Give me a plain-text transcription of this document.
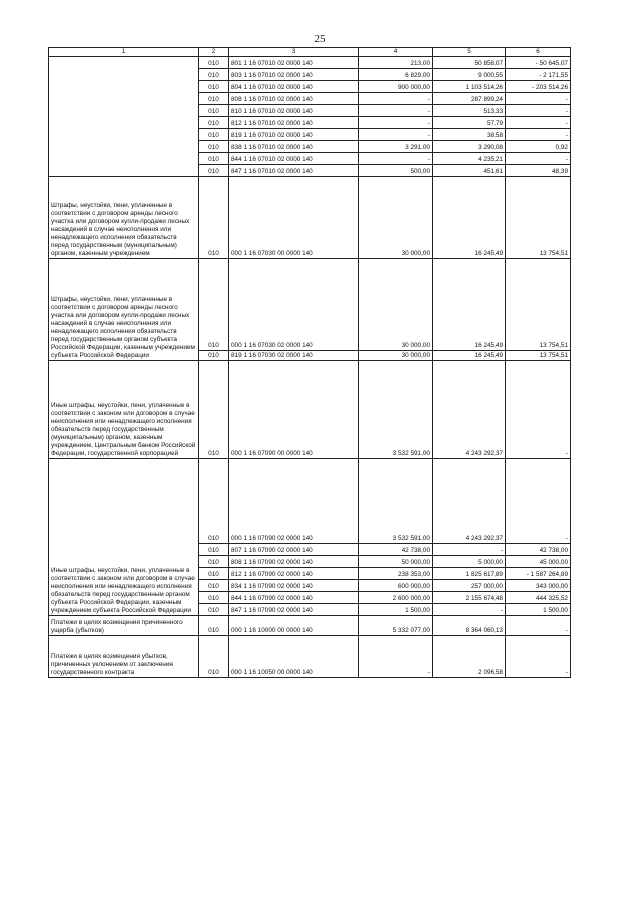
25
1	2	3	4	5	6
	010	801 1 16 07010 02 0000 140	213,00	50 858,07	- 50 645,07
	010	803 1 16 07010 02 0000 140	6 829,00	9 000,55	- 2 171,55
	010	804 1 16 07010 02 0000 140	900 000,00	1 103 514,26	- 203 514,26
	010	808 1 16 07010 02 0000 140	-	287 899,24	-
	010	810 1 16 07010 02 0000 140	-	513,33	-
	010	812 1 16 07010 02 0000 140	-	57,79	-
	010	819 1 16 07010 02 0000 140	-	38,58	-
	010	838 1 16 07010 02 0000 140	3 291,00	3 290,08	0,92
	010	844 1 16 07010 02 0000 140	-	4 235,21	-
	010	847 1 16 07010 02 0000 140	500,00	451,61	48,39
Штрафы, неустойки, пени, уплаченные в соответствии с договором аренды лесного участка или договором купли-продажи лесных насаждений в случае неисполнения или ненадлежащего исполнения обязательств перед государственным (муниципальным) органом, казенным учреждением	010	000 1 16 07030 00 0000 140	30 000,00	16 245,49	13 754,51
Штрафы, неустойки, пени, уплаченные в соответствии с договором аренды лесного участка или договором купли-продажи лесных насаждений в случае неисполнения или ненадлежащего исполнения обязательств перед государственным органом субъекта Российской Федерации, казенным учреждением субъекта Российской Федерации	010	000 1 16 07030 02 0000 140	30 000,00	16 245,49	13 754,51
	010	819 1 16 07030 02 0000 140	30 000,00	16 245,49	13 754,51
Иные штрафы, неустойки, пени, уплаченные в соответствии с законом или договором в случае неисполнения или ненадлежащего исполнения обязательств перед государственным (муниципальным) органом, казенным учреждением, Центральным банком Российской Федерации, государственной корпорацией	010	000 1 16 07090 00 0000 140	3 532 591,00	4 243 292,37	-
Иные штрафы, неустойки, пени, уплаченные в соответствии с законом или договором в случае неисполнения или ненадлежащего исполнения обязательств перед государственным органом субъекта Российской Федерации, казенным учреждением субъекта Российской Федерации	010	000 1 16 07090 02 0000 140	3 532 591,00	4 243 292,37	-
	010	807 1 16 07090 02 0000 140	42 738,00	-	42 738,00
	010	808 1 16 07090 02 0000 140	50 000,00	5 000,00	45 000,00
	010	812 1 16 07090 02 0000 140	238 353,00	1 825 617,89	- 1 587 264,89
	010	834 1 16 07090 02 0000 140	600 000,00	257 000,00	343 000,00
	010	844 1 16 07090 02 0000 140	2 600 000,00	2 155 674,48	444 325,52
	010	847 1 16 07090 02 0000 140	1 500,00	-	1 500,00
Платежи в целях возмещения причиненного ущерба (убытков)	010	000 1 16 10000 00 0000 140	5 332 077,00	8 364 060,13	-
Платежи в целях возмещения убытков, причиненных уклонением от заключения государственного контракта	010	000 1 16 10050 00 0000 140	-	2 096,58	-
